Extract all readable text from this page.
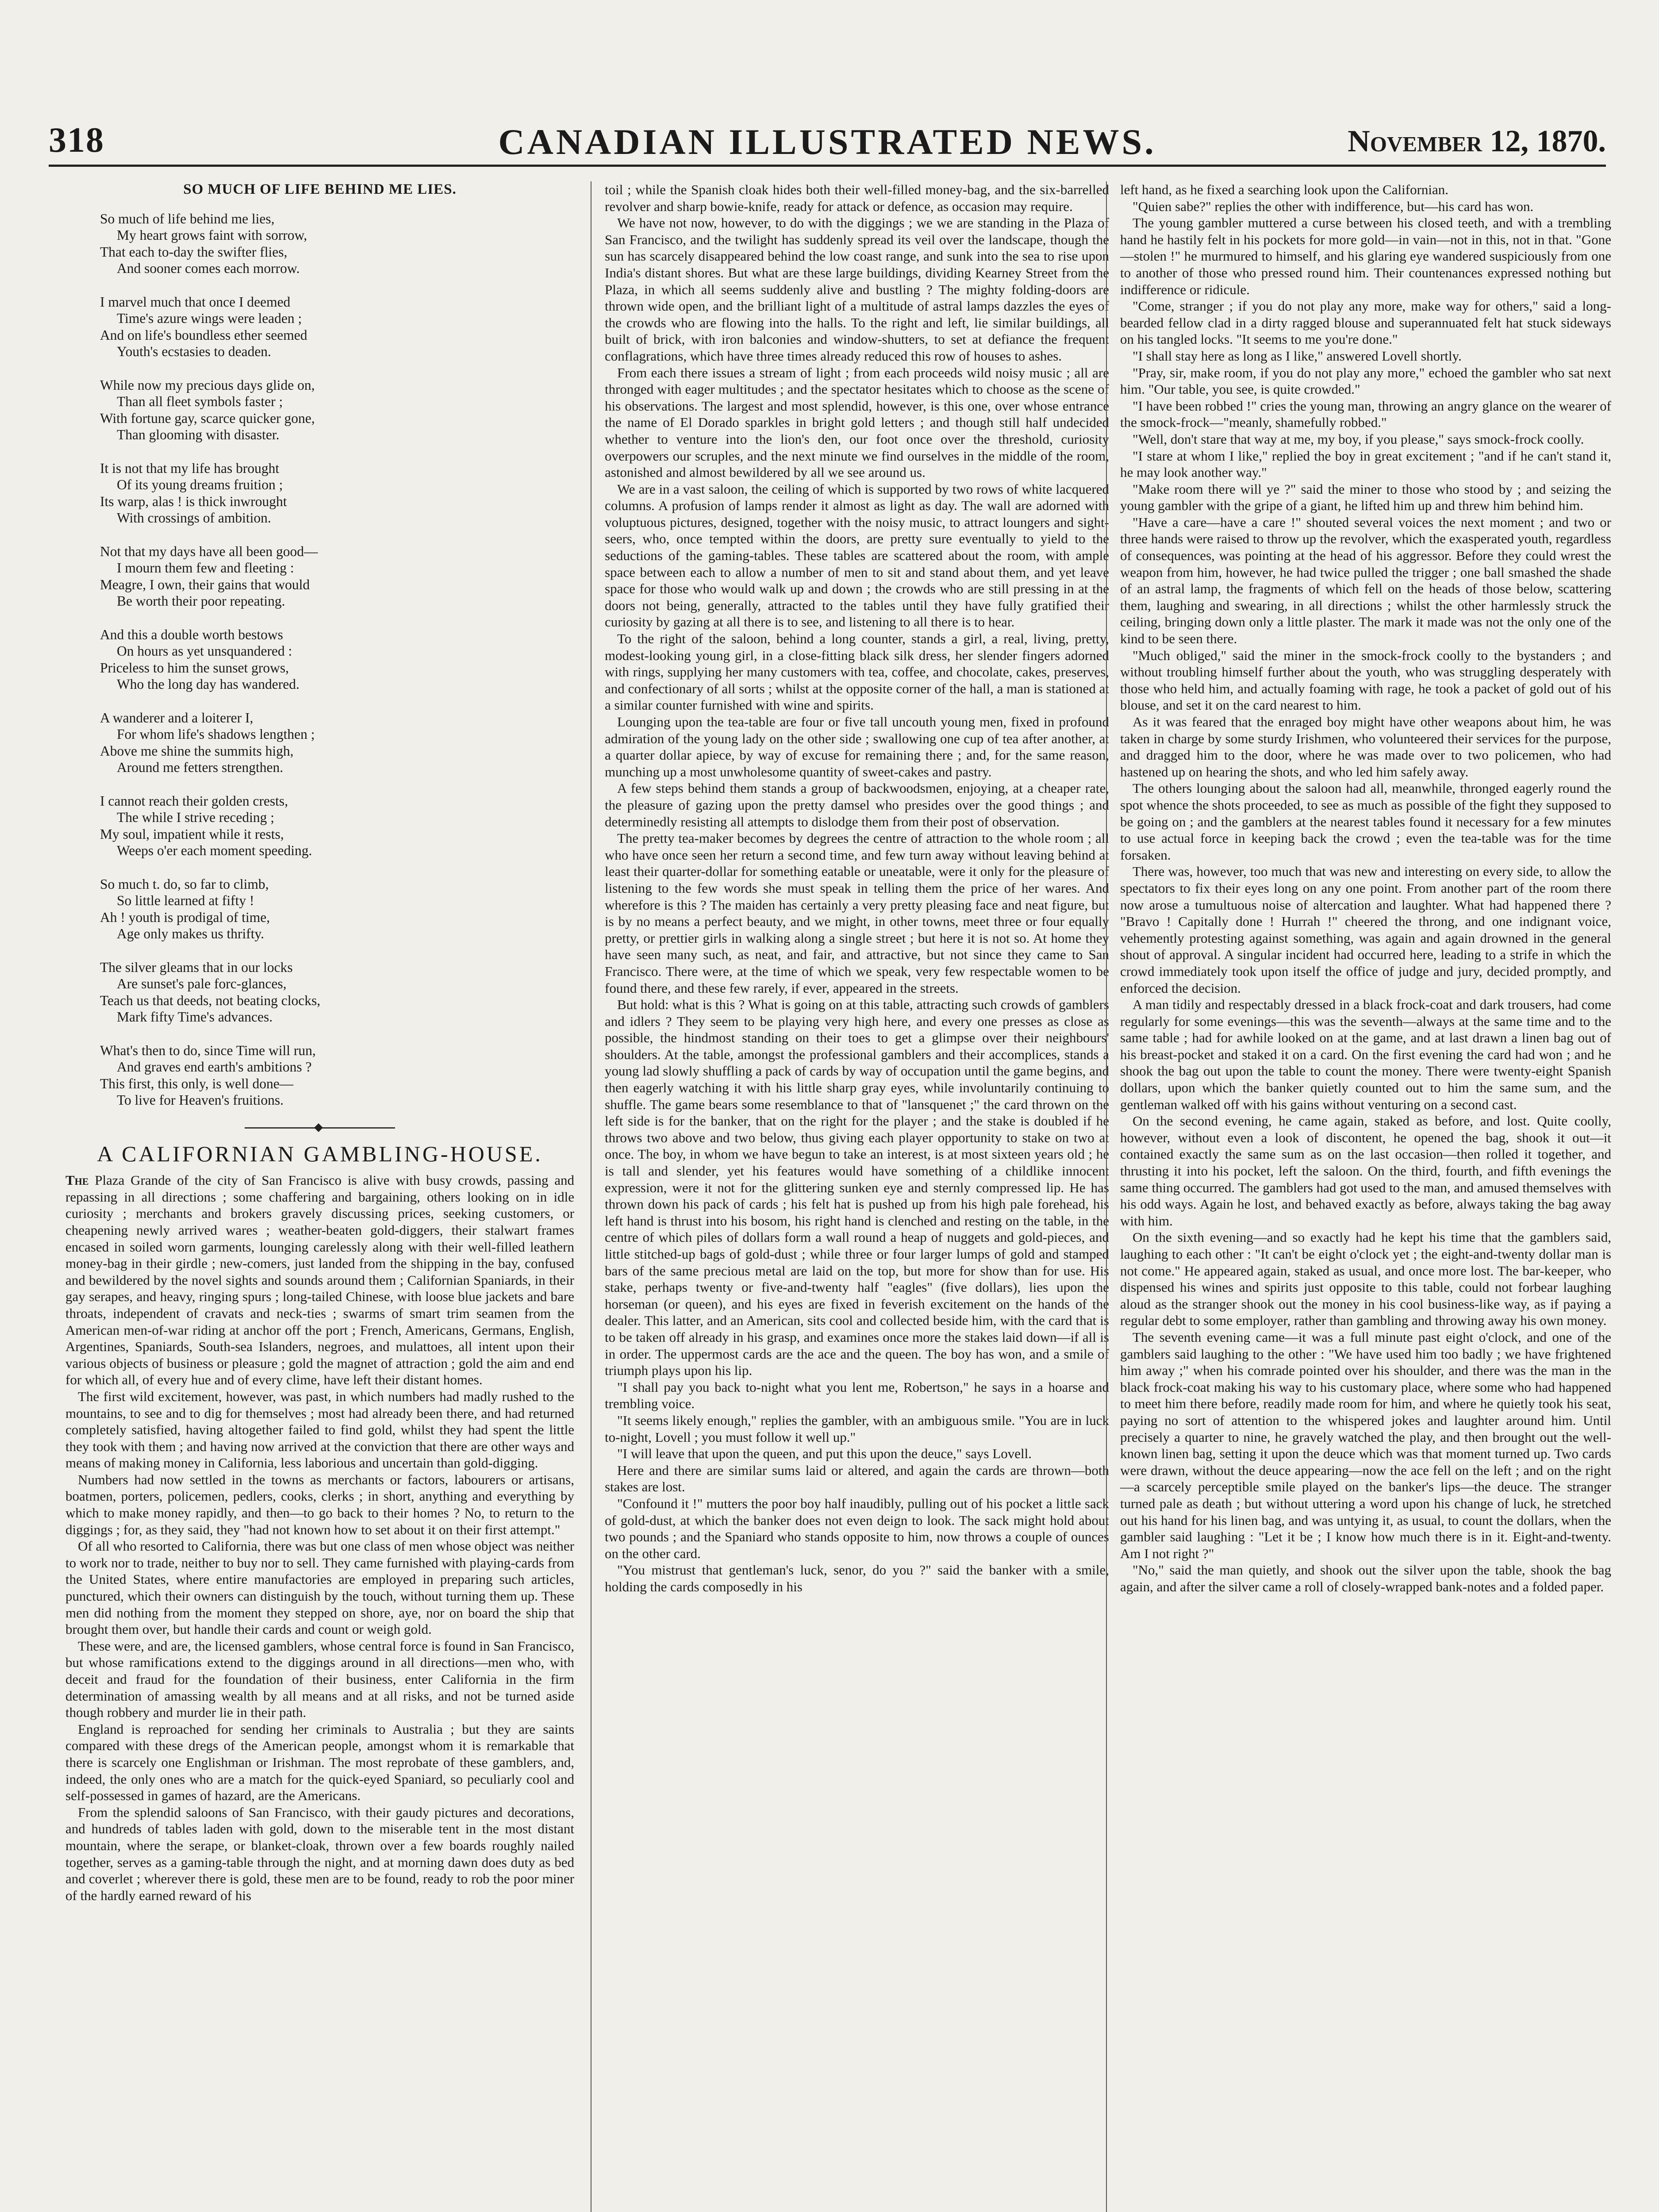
318	CANADIAN ILLUSTRATED NEWS.	November 12, 1870.
SO MUCH OF LIFE BEHIND ME LIES.
So much of life behind me lies,
My heart grows faint with sorrow,
That each to-day the swifter flies,
And sooner comes each morrow.
I marvel much that once I deemed
Time's azure wings were leaden ;
And on life's boundless ether seemed
Youth's ecstasies to deaden.
While now my precious days glide on,
Than all fleet symbols faster ;
With fortune gay, scarce quicker gone,
Than glooming with disaster.
It is not that my life has brought
Of its young dreams fruition ;
Its warp, alas ! is thick inwrought
With crossings of ambition.
Not that my days have all been good—
I mourn them few and fleeting :
Meagre, I own, their gains that would
Be worth their poor repeating.
And this a double worth bestows
On hours as yet unsquandered :
Priceless to him the sunset grows,
Who the long day has wandered.
A wanderer and a loiterer I,
For whom life's shadows lengthen ;
Above me shine the summits high,
Around me fetters strengthen.
I cannot reach their golden crests,
The while I strive receding ;
My soul, impatient while it rests,
Weeps o'er each moment speeding.
So much t. do, so far to climb,
So little learned at fifty !
Ah ! youth is prodigal of time,
Age only makes us thrifty.
The silver gleams that in our locks
Are sunset's pale forc-glances,
Teach us that deeds, not beating clocks,
Mark fifty Time's advances.
What's then to do, since Time will run,
And graves end earth's ambitions ?
This first, this only, is well done—
To live for Heaven's fruitions.
A CALIFORNIAN GAMBLING-HOUSE.

The Plaza Grande of the city of San Francisco is alive with busy crowds, passing and repassing in all directions ; some chaffering and bargaining, others looking on in idle curiosity ; merchants and brokers gravely discussing prices, seeking customers, or cheapening newly arrived wares ; weather-beaten gold-diggers, their stalwart frames encased in soiled worn garments, lounging carelessly along with their well-filled leathern money-bag in their girdle ; new-comers, just landed from the shipping in the bay, confused and bewildered by the novel sights and sounds around them ; Californian Spaniards, in their gay serapes, and heavy, ringing spurs ; long-tailed Chinese, with loose blue jackets and bare throats, independent of cravats and neck-ties ; swarms of smart trim seamen from the American men-of-war riding at anchor off the port ; French, Americans, Germans, English, Argentines, Spaniards, South-sea Islanders, negroes, and mulattoes, all intent upon their various objects of business or pleasure ; gold the magnet of attraction ; gold the aim and end for which all, of every hue and of every clime, have left their distant homes.

The first wild excitement, however, was past, in which numbers had madly rushed to the mountains, to see and to dig for themselves ; most had already been there, and had returned completely satisfied, having altogether failed to find gold, whilst they had spent the little they took with them ; and having now arrived at the conviction that there are other ways and means of making money in California, less laborious and uncertain than gold-digging.

Numbers had now settled in the towns as merchants or factors, labourers or artisans, boatmen, porters, policemen, pedlers, cooks, clerks ; in short, anything and everything by which to make money rapidly, and then—to go back to their homes ? No, to return to the diggings ; for, as they said, they "had not known how to set about it on their first attempt."

Of all who resorted to California, there was but one class of men whose object was neither to work nor to trade, neither to buy nor to sell. They came furnished with playing-cards from the United States, where entire manufactories are employed in preparing such articles, punctured, which their owners can distinguish by the touch, without turning them up. These men did nothing from the moment they stepped on shore, aye, nor on board the ship that brought them over, but handle their cards and count or weigh gold.

These were, and are, the licensed gamblers, whose central force is found in San Francisco, but whose ramifications extend to the diggings around in all directions—men who, with deceit and fraud for the foundation of their business, enter California in the firm determination of amassing wealth by all means and at all risks, and not be turned aside though robbery and murder lie in their path.

England is reproached for sending her criminals to Australia ; but they are saints compared with these dregs of the American people, amongst whom it is remarkable that there is scarcely one Englishman or Irishman. The most reprobate of these gamblers, and, indeed, the only ones who are a match for the quick-eyed Spaniard, so peculiarly cool and self-possessed in games of hazard, are the Americans.

From the splendid saloons of San Francisco, with their gaudy pictures and decorations, and hundreds of tables laden with gold, down to the miserable tent in the most distant mountain, where the serape, or blanket-cloak, thrown over a few boards roughly nailed together, serves as a gaming-table through the night, and at morning dawn does duty as bed and coverlet ; wherever there is gold, these men are to be found, ready to rob the poor miner of the hardly earned reward of his

toil ; while the Spanish cloak hides both their well-filled money-bag, and the six-barrelled revolver and sharp bowie-knife, ready for attack or defence, as occasion may require.

We have not now, however, to do with the diggings ; we we are standing in the Plaza of San Francisco, and the twilight has suddenly spread its veil over the landscape, though the sun has scarcely disappeared behind the low coast range, and sunk into the sea to rise upon India's distant shores. But what are these large buildings, dividing Kearney Street from the Plaza, in which all seems suddenly alive and bustling ? The mighty folding-doors are thrown wide open, and the brilliant light of a multitude of astral lamps dazzles the eyes of the crowds who are flowing into the halls. To the right and left, lie similar buildings, all built of brick, with iron balconies and window-shutters, to set at defiance the frequent conflagrations, which have three times already reduced this row of houses to ashes.

From each there issues a stream of light ; from each proceeds wild noisy music ; all are thronged with eager multitudes ; and the spectator hesitates which to choose as the scene of his observations. The largest and most splendid, however, is this one, over whose entrance the name of El Dorado sparkles in bright gold letters ; and though still half undecided whether to venture into the lion's den, our foot once over the threshold, curiosity overpowers our scruples, and the next minute we find ourselves in the middle of the room, astonished and almost bewildered by all we see around us.

We are in a vast saloon, the ceiling of which is supported by two rows of white lacquered columns. A profusion of lamps render it almost as light as day. The wall are adorned with voluptuous pictures, designed, together with the noisy music, to attract loungers and sight-seers, who, once tempted within the doors, are pretty sure eventually to yield to the seductions of the gaming-tables. These tables are scattered about the room, with ample space between each to allow a number of men to sit and stand about them, and yet leave space for those who would walk up and down ; the crowds who are still pressing in at the doors not being, generally, attracted to the tables until they have fully gratified their curiosity by gazing at all there is to see, and listening to all there is to hear.

To the right of the saloon, behind a long counter, stands a girl, a real, living, pretty, modest-looking young girl, in a close-fitting black silk dress, her slender fingers adorned with rings, supplying her many customers with tea, coffee, and chocolate, cakes, preserves, and confectionary of all sorts ; whilst at the opposite corner of the hall, a man is stationed at a similar counter furnished with wine and spirits.

Lounging upon the tea-table are four or five tall uncouth young men, fixed in profound admiration of the young lady on the other side ; swallowing one cup of tea after another, at a quarter dollar apiece, by way of excuse for remaining there ; and, for the same reason, munching up a most unwholesome quantity of sweet-cakes and pastry.

A few steps behind them stands a group of backwoodsmen, enjoying, at a cheaper rate, the pleasure of gazing upon the pretty damsel who presides over the good things ; and determinedly resisting all attempts to dislodge them from their post of observation.

The pretty tea-maker becomes by degrees the centre of attraction to the whole room ; all who have once seen her return a second time, and few turn away without leaving behind at least their quarter-dollar for something eatable or uneatable, were it only for the pleasure of listening to the few words she must speak in telling them the price of her wares. And wherefore is this ? The maiden has certainly a very pretty pleasing face and neat figure, but is by no means a perfect beauty, and we might, in other towns, meet three or four equally pretty, or prettier girls in walking along a single street ; but here it is not so. At home they have seen many such, as neat, and fair, and attractive, but not since they came to San Francisco. There were, at the time of which we speak, very few respectable women to be found there, and these few rarely, if ever, appeared in the streets.

But hold: what is this ? What is going on at this table, attracting such crowds of gamblers and idlers ? They seem to be playing very high here, and every one presses as close as possible, the hindmost standing on their toes to get a glimpse over their neighbours' shoulders. At the table, amongst the professional gamblers and their accomplices, stands a young lad slowly shuffling a pack of cards by way of occupation until the game begins, and then eagerly watching it with his little sharp gray eyes, while involuntarily continuing to shuffle. The game bears some resemblance to that of "lansquenet ;" the card thrown on the left side is for the banker, that on the right for the player ; and the stake is doubled if he throws two above and two below, thus giving each player opportunity to stake on two at once. The boy, in whom we have begun to take an interest, is at most sixteen years old ; he is tall and slender, yet his features would have something of a childlike innocent expression, were it not for the glittering sunken eye and sternly compressed lip. He has thrown down his pack of cards ; his felt hat is pushed up from his high pale forehead, his left hand is thrust into his bosom, his right hand is clenched and resting on the table, in the centre of which piles of dollars form a wall round a heap of nuggets and gold-pieces, and little stitched-up bags of gold-dust ; while three or four larger lumps of gold and stamped bars of the same precious metal are laid on the top, but more for show than for use. His stake, perhaps twenty or five-and-twenty half "eagles" (five dollars), lies upon the horseman (or queen), and his eyes are fixed in feverish excitement on the hands of the dealer. This latter, and an American, sits cool and collected beside him, with the card that is to be taken off already in his grasp, and examines once more the stakes laid down—if all is in order. The uppermost cards are the ace and the queen. The boy has won, and a smile of triumph plays upon his lip.

"I shall pay you back to-night what you lent me, Robertson," he says in a hoarse and trembling voice.

"It seems likely enough," replies the gambler, with an ambiguous smile. "You are in luck to-night, Lovell ; you must follow it well up."

"I will leave that upon the queen, and put this upon the deuce," says Lovell.

Here and there are similar sums laid or altered, and again the cards are thrown—both stakes are lost.

"Confound it !" mutters the poor boy half inaudibly, pulling out of his pocket a little sack of gold-dust, at which the banker does not even deign to look. The sack might hold about two pounds ; and the Spaniard who stands opposite to him, now throws a couple of ounces on the other card.

"You mistrust that gentleman's luck, senor, do you ?" said the banker with a smile, holding the cards composedly in his

left hand, as he fixed a searching look upon the Californian.

"Quien sabe?" replies the other with indifference, but—his card has won.

The young gambler muttered a curse between his closed teeth, and with a trembling hand he hastily felt in his pockets for more gold—in vain—not in this, not in that. "Gone—stolen !" he murmured to himself, and his glaring eye wandered suspiciously from one to another of those who pressed round him. Their countenances expressed nothing but indifference or ridicule.

"Come, stranger ; if you do not play any more, make way for others," said a long-bearded fellow clad in a dirty ragged blouse and superannuated felt hat stuck sideways on his tangled locks. "It seems to me you're done."

"I shall stay here as long as I like," answered Lovell shortly.

"Pray, sir, make room, if you do not play any more," echoed the gambler who sat next him. "Our table, you see, is quite crowded."

"I have been robbed !" cries the young man, throwing an angry glance on the wearer of the smock-frock—"meanly, shamefully robbed."

"Well, don't stare that way at me, my boy, if you please," says smock-frock coolly.

"I stare at whom I like," replied the boy in great excitement ; "and if he can't stand it, he may look another way."

"Make room there will ye ?" said the miner to those who stood by ; and seizing the young gambler with the gripe of a giant, he lifted him up and threw him behind him.

"Have a care—have a care !" shouted several voices the next moment ; and two or three hands were raised to throw up the revolver, which the exasperated youth, regardless of consequences, was pointing at the head of his aggressor. Before they could wrest the weapon from him, however, he had twice pulled the trigger ; one ball smashed the shade of an astral lamp, the fragments of which fell on the heads of those below, scattering them, laughing and swearing, in all directions ; whilst the other harmlessly struck the ceiling, bringing down only a little plaster. The mark it made was not the only one of the kind to be seen there.

"Much obliged," said the miner in the smock-frock coolly to the bystanders ; and without troubling himself further about the youth, who was struggling desperately with those who held him, and actually foaming with rage, he took a packet of gold out of his blouse, and set it on the card nearest to him.

As it was feared that the enraged boy might have other weapons about him, he was taken in charge by some sturdy Irishmen, who volunteered their services for the purpose, and dragged him to the door, where he was made over to two policemen, who had hastened up on hearing the shots, and who led him safely away.

The others lounging about the saloon had all, meanwhile, thronged eagerly round the spot whence the shots proceeded, to see as much as possible of the fight they supposed to be going on ; and the gamblers at the nearest tables found it necessary for a few minutes to use actual force in keeping back the crowd ; even the tea-table was for the time forsaken.

There was, however, too much that was new and interesting on every side, to allow the spectators to fix their eyes long on any one point. From another part of the room there now arose a tumultuous noise of altercation and laughter. What had happened there ? "Bravo ! Capitally done ! Hurrah !" cheered the throng, and one indignant voice, vehemently protesting against something, was again and again drowned in the general shout of approval. A singular incident had occurred here, leading to a strife in which the crowd immediately took upon itself the office of judge and jury, decided promptly, and enforced the decision.

A man tidily and respectably dressed in a black frock-coat and dark trousers, had come regularly for some evenings—this was the seventh—always at the same time and to the same table ; had for awhile looked on at the game, and at last drawn a linen bag out of his breast-pocket and staked it on a card. On the first evening the card had won ; and he shook the bag out upon the table to count the money. There were twenty-eight Spanish dollars, upon which the banker quietly counted out to him the same sum, and the gentleman walked off with his gains without venturing on a second cast.

On the second evening, he came again, staked as before, and lost. Quite coolly, however, without even a look of discontent, he opened the bag, shook it out—it contained exactly the same sum as on the last occasion—then rolled it together, and thrusting it into his pocket, left the saloon. On the third, fourth, and fifth evenings the same thing occurred. The gamblers had got used to the man, and amused themselves with his odd ways. Again he lost, and behaved exactly as before, always taking the bag away with him.

On the sixth evening—and so exactly had he kept his time that the gamblers said, laughing to each other : "It can't be eight o'clock yet ; the eight-and-twenty dollar man is not come." He appeared again, staked as usual, and once more lost. The bar-keeper, who dispensed his wines and spirits just opposite to this table, could not forbear laughing aloud as the stranger shook out the money in his cool business-like way, as if paying a regular debt to some employer, rather than gambling and throwing away his own money.

The seventh evening came—it was a full minute past eight o'clock, and one of the gamblers said laughing to the other : "We have used him too badly ; we have frightened him away ;" when his comrade pointed over his shoulder, and there was the man in the black frock-coat making his way to his customary place, where some who had happened to meet him there before, readily made room for him, and where he quietly took his seat, paying no sort of attention to the whispered jokes and laughter around him. Until precisely a quarter to nine, he gravely watched the play, and then brought out the well-known linen bag, setting it upon the deuce which was that moment turned up. Two cards were drawn, without the deuce appearing—now the ace fell on the left ; and on the right—a scarcely perceptible smile played on the banker's lips—the deuce. The stranger turned pale as death ; but without uttering a word upon his change of luck, he stretched out his hand for his linen bag, and was untying it, as usual, to count the dollars, when the gambler said laughing : "Let it be ; I know how much there is in it. Eight-and-twenty. Am I not right ?"

"No," said the man quietly, and shook out the silver upon the table, shook the bag again, and after the silver came a roll of closely-wrapped bank-notes and a folded paper.
